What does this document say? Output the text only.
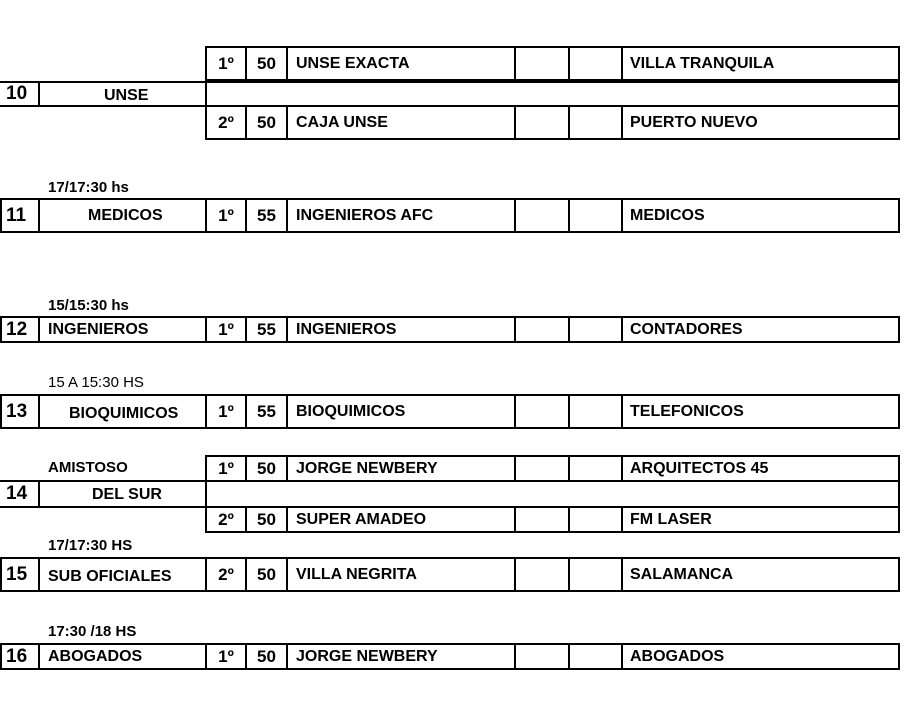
1º	50	UNSE EXACTA	VILLA TRANQUILA
10	UNSE
2º	50	CAJA UNSE	PUERTO NUEVO
17/17:30 hs
11	MEDICOS	1º	55	INGENIEROS AFC	MEDICOS
15/15:30 hs
12	INGENIEROS	1º	55	INGENIEROS	CONTADORES
15 A 15:30 HS
13	BIOQUIMICOS	1º	55	BIOQUIMICOS	TELEFONICOS
AMISTOSO	1º	50	JORGE NEWBERY	ARQUITECTOS 45
14	DEL SUR
2º	50	SUPER AMADEO	FM LASER
17/17:30 HS
15	SUB OFICIALES	2º	50	VILLA NEGRITA	SALAMANCA
17:30 /18 HS
16	ABOGADOS	1º	50	JORGE NEWBERY	ABOGADOS
